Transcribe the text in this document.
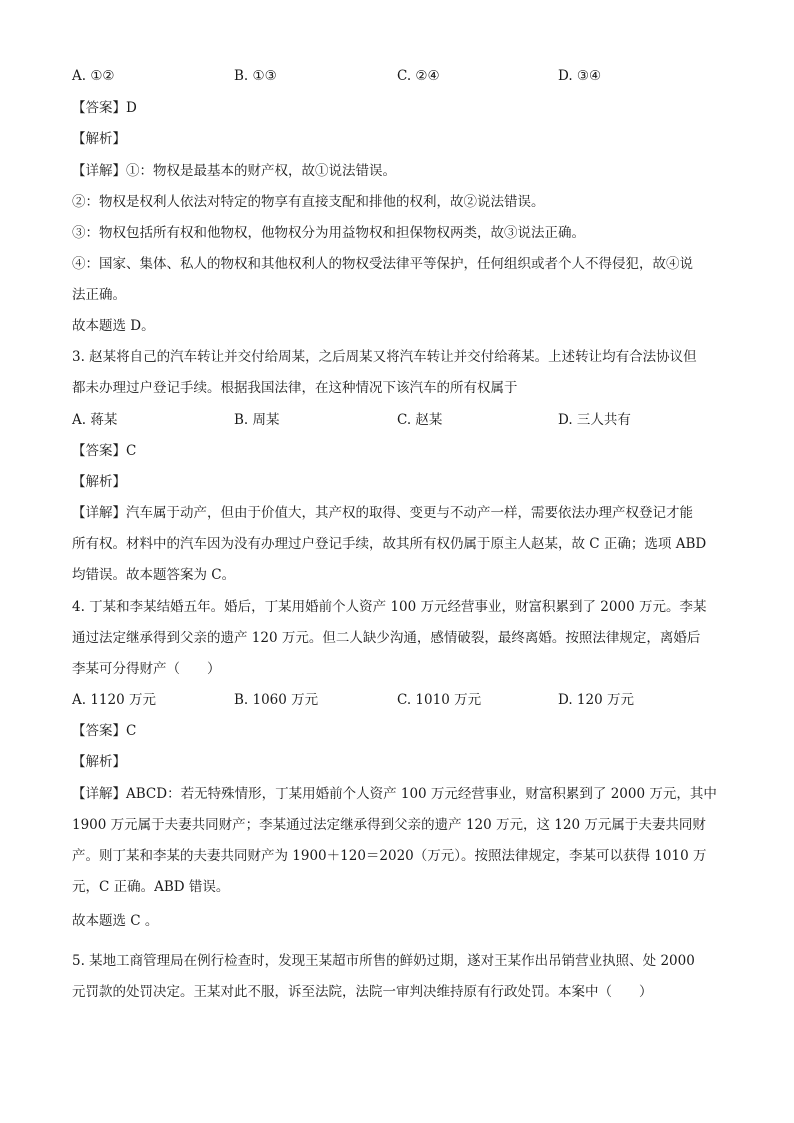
A. ①②	B. ①③	C. ②④	D. ③④
【答案】D
【解析】
【详解】①：物权是最基本的财产权，故①说法错误。
②：物权是权利人依法对特定的物享有直接支配和排他的权利，故②说法错误。
③：物权包括所有权和他物权，他物权分为用益物权和担保物权两类，故③说法正确。
④：国家、集体、私人的物权和其他权利人的物权受法律平等保护，任何组织或者个人不得侵犯，故④说
法正确。
故本题选 D。
3. 赵某将自己的汽车转让并交付给周某，之后周某又将汽车转让并交付给蒋某。上述转让均有合法协议但
都未办理过户登记手续。根据我国法律，在这种情况下该汽车的所有权属于
A. 蒋某	B. 周某	C. 赵某	D. 三人共有
【答案】C
【解析】
【详解】汽车属于动产，但由于价值大，其产权的取得、变更与不动产一样，需要依法办理产权登记才能
所有权。材料中的汽车因为没有办理过户登记手续，故其所有权仍属于原主人赵某，故 C 正确；选项 ABD
均错误。故本题答案为 C。
4. 丁某和李某结婚五年。婚后，丁某用婚前个人资产 100 万元经营事业，财富积累到了 2000 万元。李某
通过法定继承得到父亲的遗产 120 万元。但二人缺少沟通，感情破裂，最终离婚。按照法律规定，离婚后
李某可分得财产（　　）
A. 1120 万元	B. 1060 万元	C. 1010 万元	D. 120 万元
【答案】C
【解析】
【详解】ABCD：若无特殊情形，丁某用婚前个人资产 100 万元经营事业，财富积累到了 2000 万元，其中
1900 万元属于夫妻共同财产；李某通过法定继承得到父亲的遗产 120 万元，这 120 万元属于夫妻共同财
产。则丁某和李某的夫妻共同财产为 1900＋120＝2020（万元）。按照法律规定，李某可以获得 1010 万
元，C 正确。ABD 错误。
故本题选 C 。
5. 某地工商管理局在例行检查时，发现王某超市所售的鲜奶过期，遂对王某作出吊销营业执照、处 2000
元罚款的处罚决定。王某对此不服，诉至法院，法院一审判决维持原有行政处罚。本案中（　　）
